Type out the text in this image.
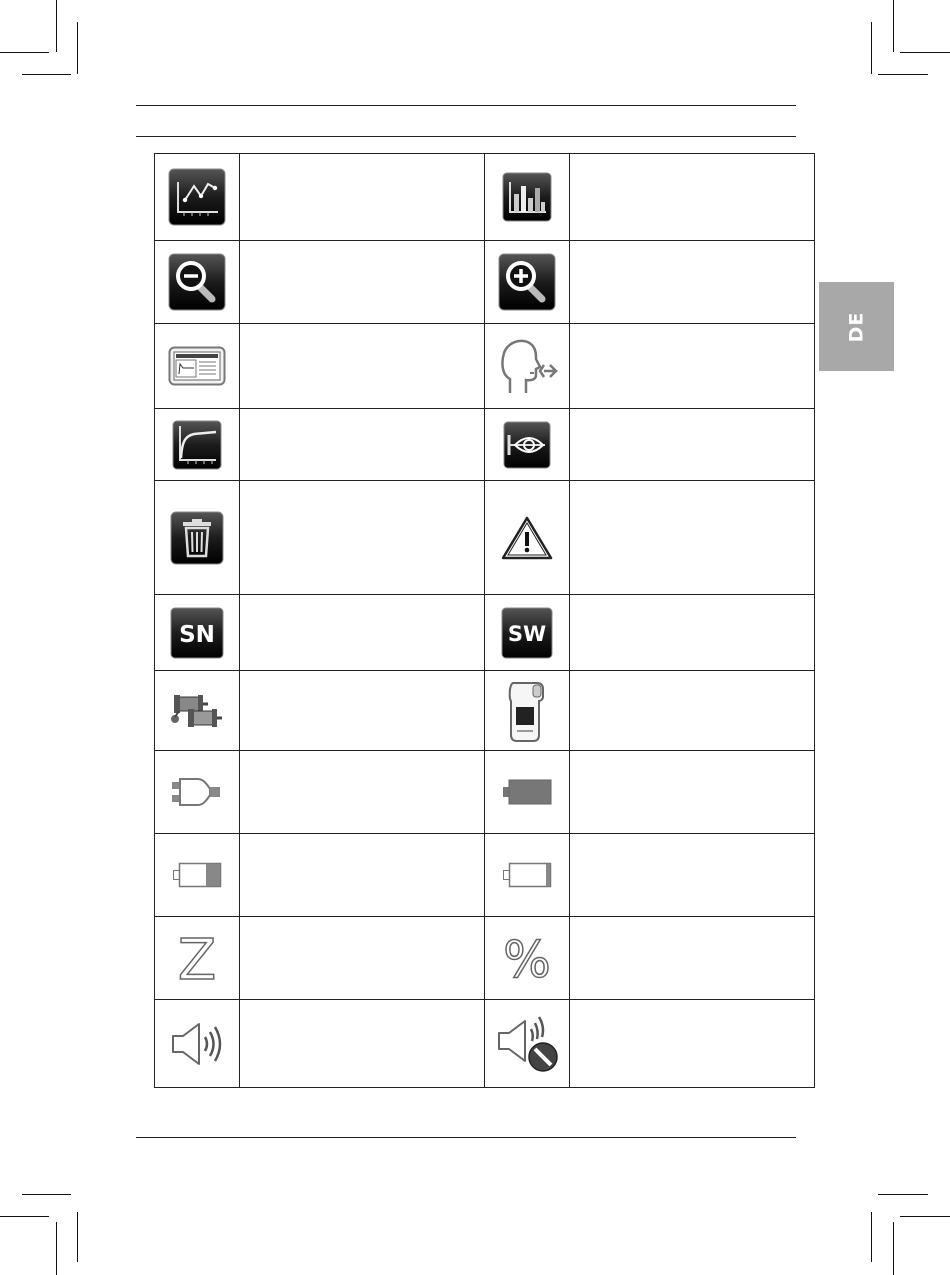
DE

SN		SW	

Z		%	
